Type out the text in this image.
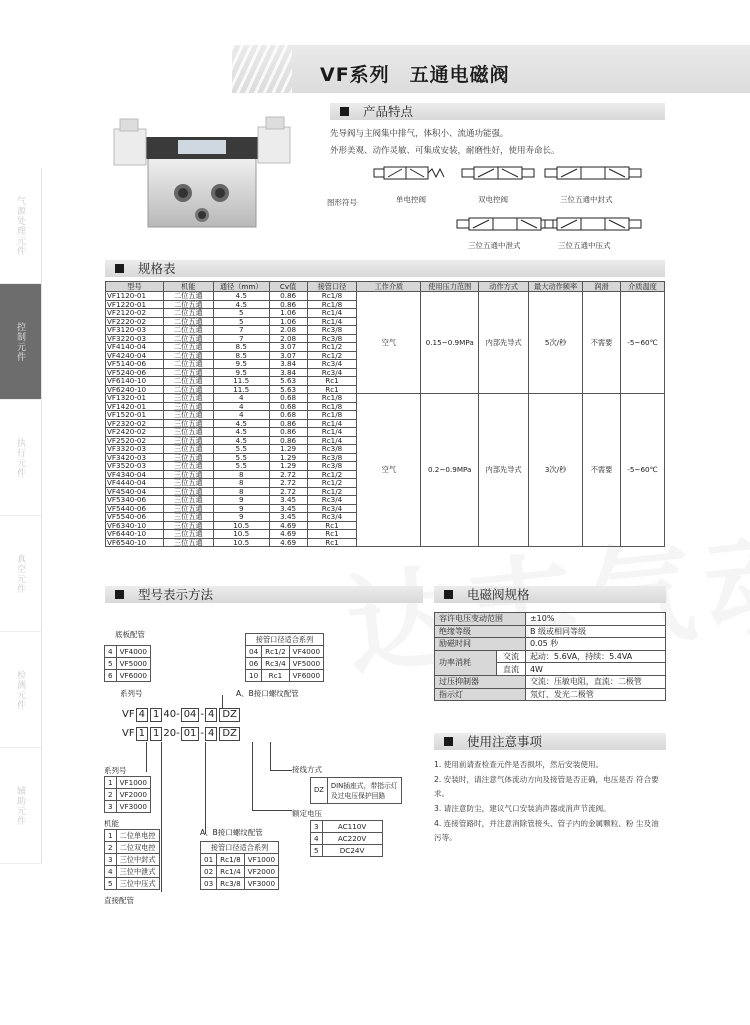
VF系列　五通电磁阀
气源处理元件
控制元件
执行元件
真空元件
检测元件
辅助元件
产品特点
先导阀与主阀集中排气，体积小、流通功能强。
外形美观、动作灵敏、可集成安装，耐磨性好，使用寿命长。
图形符号	单电控阀	双电控阀	三位五通中封式
三位五通中泄式	三位五通中压式
规格表
型号	机能	通径（mm）	Cv值	接管口径	工作介质	使用压力范围	动作方式	最大动作频率	润滑	介质温度
VF1120-01	二位五通	4.5	0.86	Rc1/8	空气	0.15~0.9MPa	内部先导式	5次/秒	不需要	-5~60℃
VF1220-01	二位五通	4.5	0.86	Rc1/8						
VF2120-02	二位五通	5	1.06	Rc1/4						
VF2220-02	二位五通	5	1.06	Rc1/4						
VF3120-03	二位五通	7	2.08	Rc3/8						
VF3220-03	二位五通	7	2.08	Rc3/8						
VF4140-04	二位五通	8.5	3.07	Rc1/2						
VF4240-04	二位五通	8.5	3.07	Rc1/2						
VF5140-06	二位五通	9.5	3.84	Rc3/4						
VF5240-06	二位五通	9.5	3.84	Rc3/4						
VF6140-10	二位五通	11.5	5.63	Rc1						
VF6240-10	二位五通	11.5	5.63	Rc1						
VF1320-01	三位五通	4	0.68	Rc1/8	空气	0.2~0.9MPa	内部先导式	3次/秒	不需要	-5~60℃
VF1420-01	三位五通	4	0.68	Rc1/8						
VF1520-01	三位五通	4	0.68	Rc1/8						
VF2320-02	三位五通	4.5	0.86	Rc1/4						
VF2420-02	三位五通	4.5	0.86	Rc1/4						
VF2520-02	三位五通	4.5	0.86	Rc1/4						
VF3320-03	三位五通	5.5	1.29	Rc3/8						
VF3420-03	三位五通	5.5	1.29	Rc3/8						
VF3520-03	三位五通	5.5	1.29	Rc3/8						
VF4340-04	三位五通	8	2.72	Rc1/2						
VF4440-04	三位五通	8	2.72	Rc1/2						
VF4540-04	三位五通	8	2.72	Rc1/2						
VF5340-06	三位五通	9	3.45	Rc3/4						
VF5440-06	三位五通	9	3.45	Rc3/4						
VF5540-06	三位五通	9	3.45	Rc3/4						
VF6340-10	三位五通	10.5	4.69	Rc1						
VF6440-10	三位五通	10.5	4.69	Rc1						
VF6540-10	三位五通	10.5	4.69	Rc1						
型号表示方法
底板配管
4	VF4000
5	VF5000
6	VF6000
接管口径适合系列		
04	Rc1/2	VF4000
06	Rc3/4	VF5000
10	Rc1	VF6000
系列号	A、B接口螺纹配管
VF 4 1 40- 04 - 4 DZ
VF 1 1 20- 01 - 4 DZ
系列号
1	VF1000
2	VF2000
3	VF3000
机能
1	二位单电控
2	二位双电控
3	三位中封式
4	三位中泄式
5	三位中压式
直接配管
A、B接口螺纹配管
接管口径适合系列		
01	Rc1/8	VF1000
02	Rc1/4	VF2000
03	Rc3/8	VF3000
接线方式
DZ	DIN插座式，带指示灯及过电压保护回路
额定电压
3	AC110V
4	AC220V
5	DC24V
电磁阀规格
容许电压变动范围		±10%
绝缘等级		B 级或相同等级
励磁时间		0.05 秒
功率消耗	交流	起动：5.6VA，持续：5.4VA
	直流	4W
过压抑制器		交流：压敏电阻，直流：二极管
指示灯		氖灯、发光二极管
使用注意事项

1. 使用前请查检查元件是否损坏，然后安装使用。

2. 安装时，请注意气体流动方向及接管是否正确，电压是否 符合要求。

3. 请注意防尘，建议气口安装消声器或消声节流阀。

4. 连接管路时，并注意消除管接头、管子内的金属颗粒、粉 尘及油污等。
